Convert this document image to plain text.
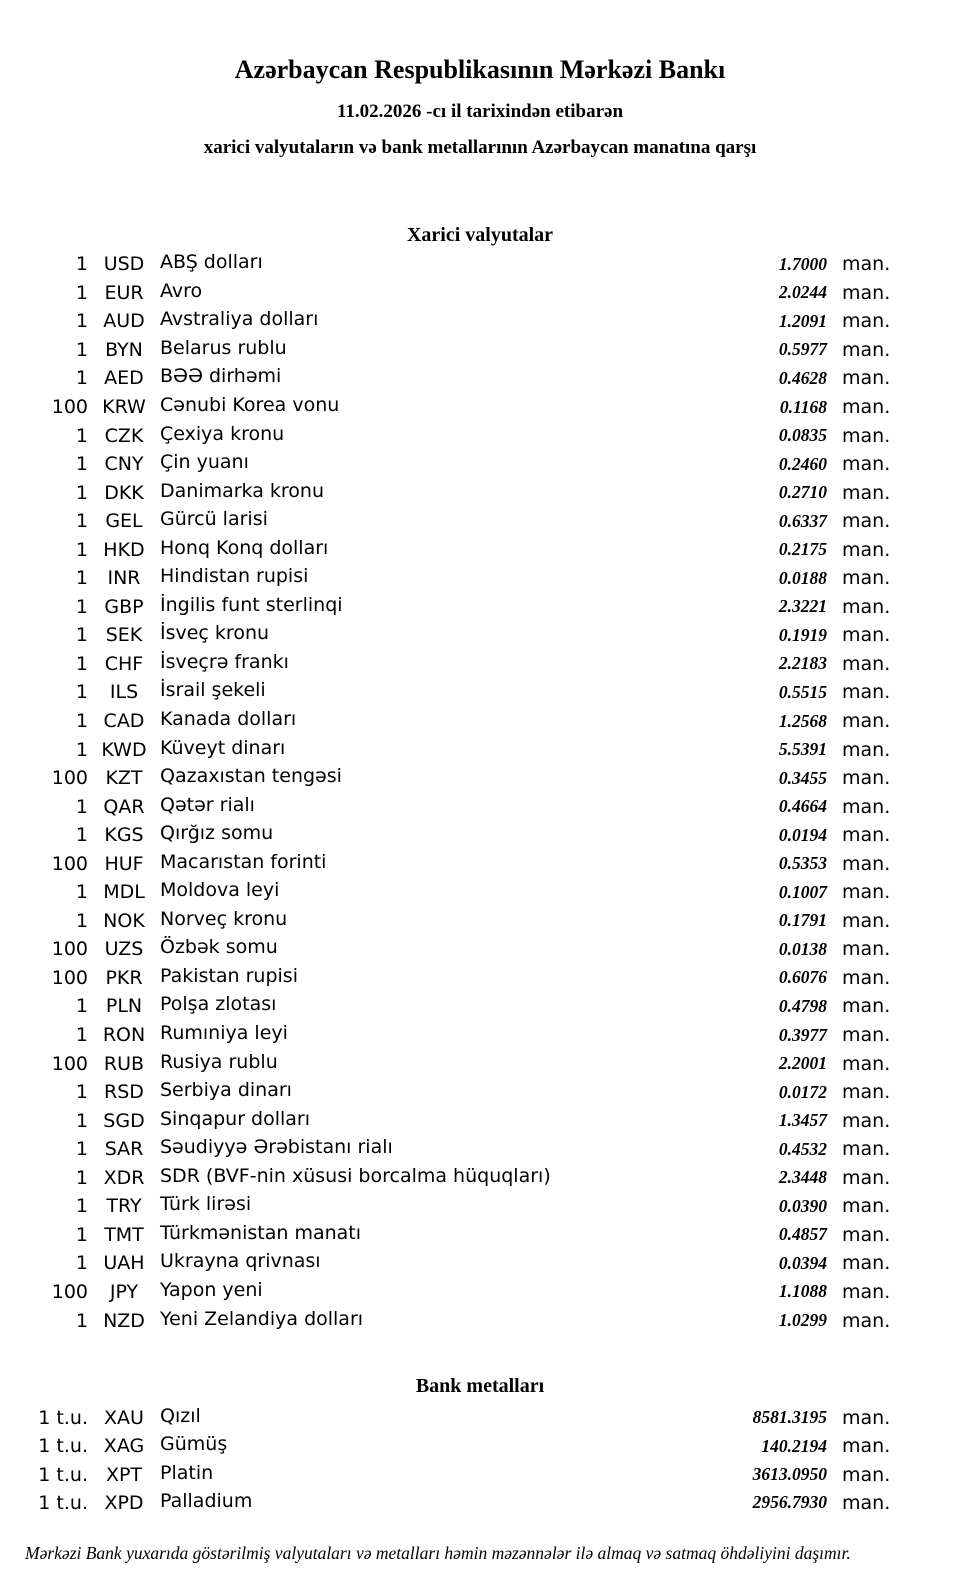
Azərbaycan Respublikasının Mərkəzi Bankı
11.02.2026 -cı il tarixindən etibarən
xarici valyutaların və bank metallarının Azərbaycan manatına qarşı
Xarici valyutalar
1 USD ABŞ dolları	1.7000 man.
1 EUR Avro	2.0244 man.
1 AUD Avstraliya dolları	1.2091 man.
1 BYN Belarus rublu	0.5977 man.
1 AED BƏƏ dirhəmi	0.4628 man.
100 KRW Cənubi Korea vonu	0.1168 man.
1 CZK Çexiya kronu	0.0835 man.
1 CNY Çin yuanı	0.2460 man.
1 DKK Danimarka kronu	0.2710 man.
1 GEL Gürcü larisi	0.6337 man.
1 HKD Honq Konq dolları	0.2175 man.
1	INR	Hindistan rupisi	0.0188 man.
1 GBP İngilis funt sterlinqi	2.3221 man.
1 SEK İsveç kronu	0.1919 man.
1 CHF İsveçrə frankı	2.2183 man.
1	ILS	İsrail şekeli	0.5515 man.
1 CAD Kanada dolları	1.2568 man.
1 KWD Küveyt dinarı	5.5391 man.
100 KZT Qazaxıstan tengəsi	0.3455 man.
1 QAR Qətər rialı	0.4664 man.
1 KGS Qırğız somu	0.0194 man.
100 HUF Macarıstan forinti	0.5353 man.
1 MDL Moldova leyi	0.1007 man.
1 NOK Norveç kronu	0.1791 man.
100 UZS Özbək somu	0.0138 man.
100 PKR Pakistan rupisi	0.6076 man.
1 PLN Polşa zlotası	0.4798 man.
1 RON Rumıniya leyi	0.3977 man.
100 RUB Rusiya rublu	2.2001 man.
1 RSD Serbiya dinarı	0.0172 man.
1 SGD Sinqapur dolları	1.3457 man.
1 SAR Səudiyyə Ərəbistanı rialı	0.4532 man.
1 XDR SDR (BVF-nin xüsusi borcalma hüquqları)	2.3448 man.
1 TRY Türk lirəsi	0.0390 man.
1 TMT Türkmənistan manatı	0.4857 man.
1 UAH Ukrayna qrivnası	0.0394 man.
100	JPY	Yapon yeni	1.1088 man.
1 NZD Yeni Zelandiya dolları	1.0299 man.
Bank metalları
1 t.u. XAU Qızıl	8581.3195 man.
1 t.u. XAG Gümüş	140.2194 man.
1 t.u. XPT Platin	3613.0950 man.
1 t.u. XPD Palladium	2956.7930 man.
Mərkəzi Bank yuxarıda göstərilmiş valyutaları və metalları həmin məzənnələr ilə almaq və satmaq öhdəliyini daşımır.
